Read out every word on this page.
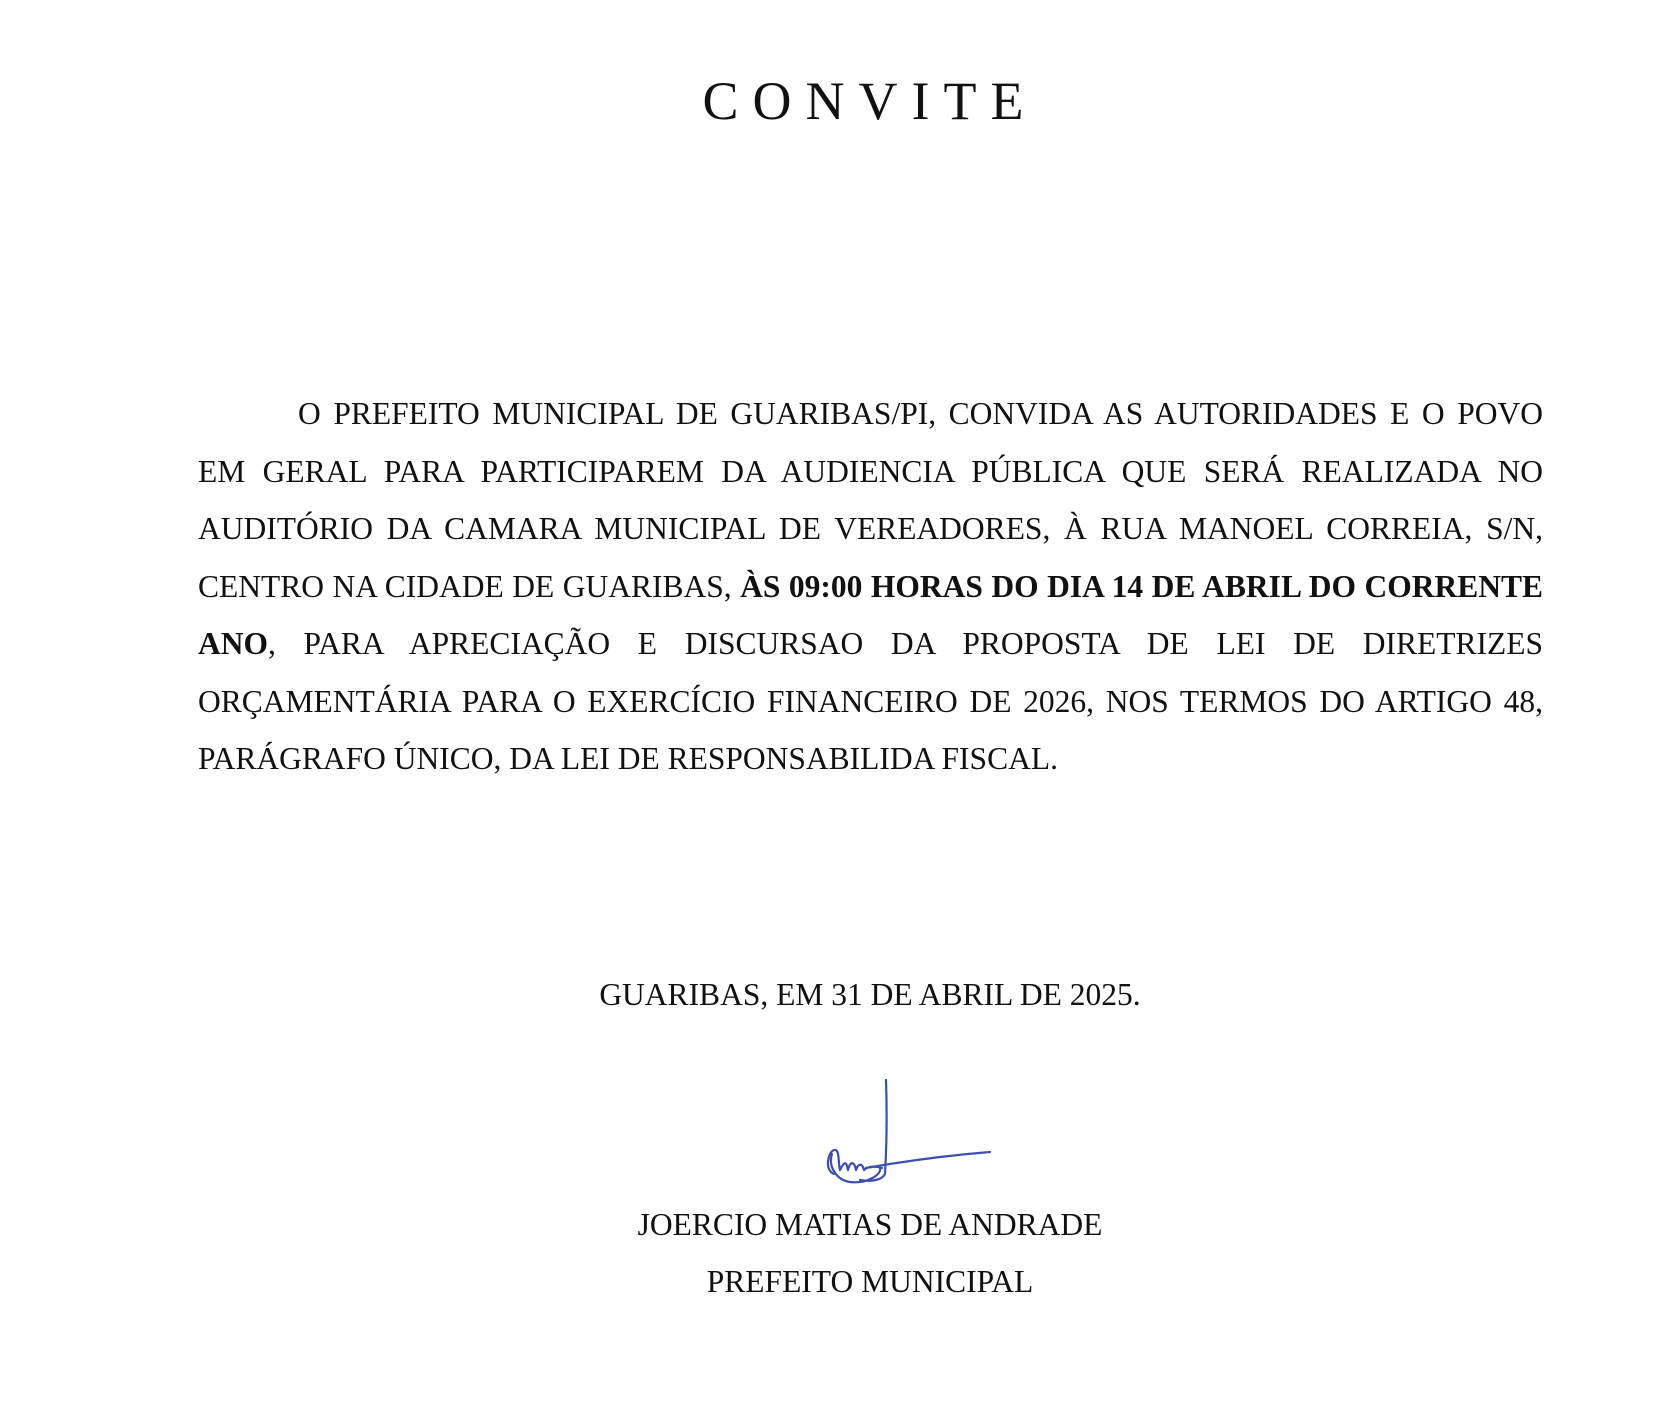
CONVITE

O PREFEITO MUNICIPAL DE GUARIBAS/PI, CONVIDA AS AUTORIDADES E O POVO EM GERAL PARA PARTICIPAREM DA AUDIENCIA PÚBLICA QUE SERÁ REALIZADA NO AUDITÓRIO DA CAMARA MUNICIPAL DE VEREADORES, À RUA MANOEL CORREIA, S/N, CENTRO NA CIDADE DE GUARIBAS, ÀS 09:00 HORAS DO DIA 14 DE ABRIL DO CORRENTE ANO, PARA APRECIAÇÃO E DISCURSAO DA PROPOSTA DE LEI DE DIRETRIZES ORÇAMENTÁRIA PARA O EXERCÍCIO FINANCEIRO DE 2026, NOS TERMOS DO ARTIGO 48, PARÁGRAFO ÚNICO, DA LEI DE RESPONSABILIDA FISCAL.

GUARIBAS, EM 31 DE ABRIL DE 2025.

JOERCIO MATIAS DE ANDRADE

PREFEITO MUNICIPAL
